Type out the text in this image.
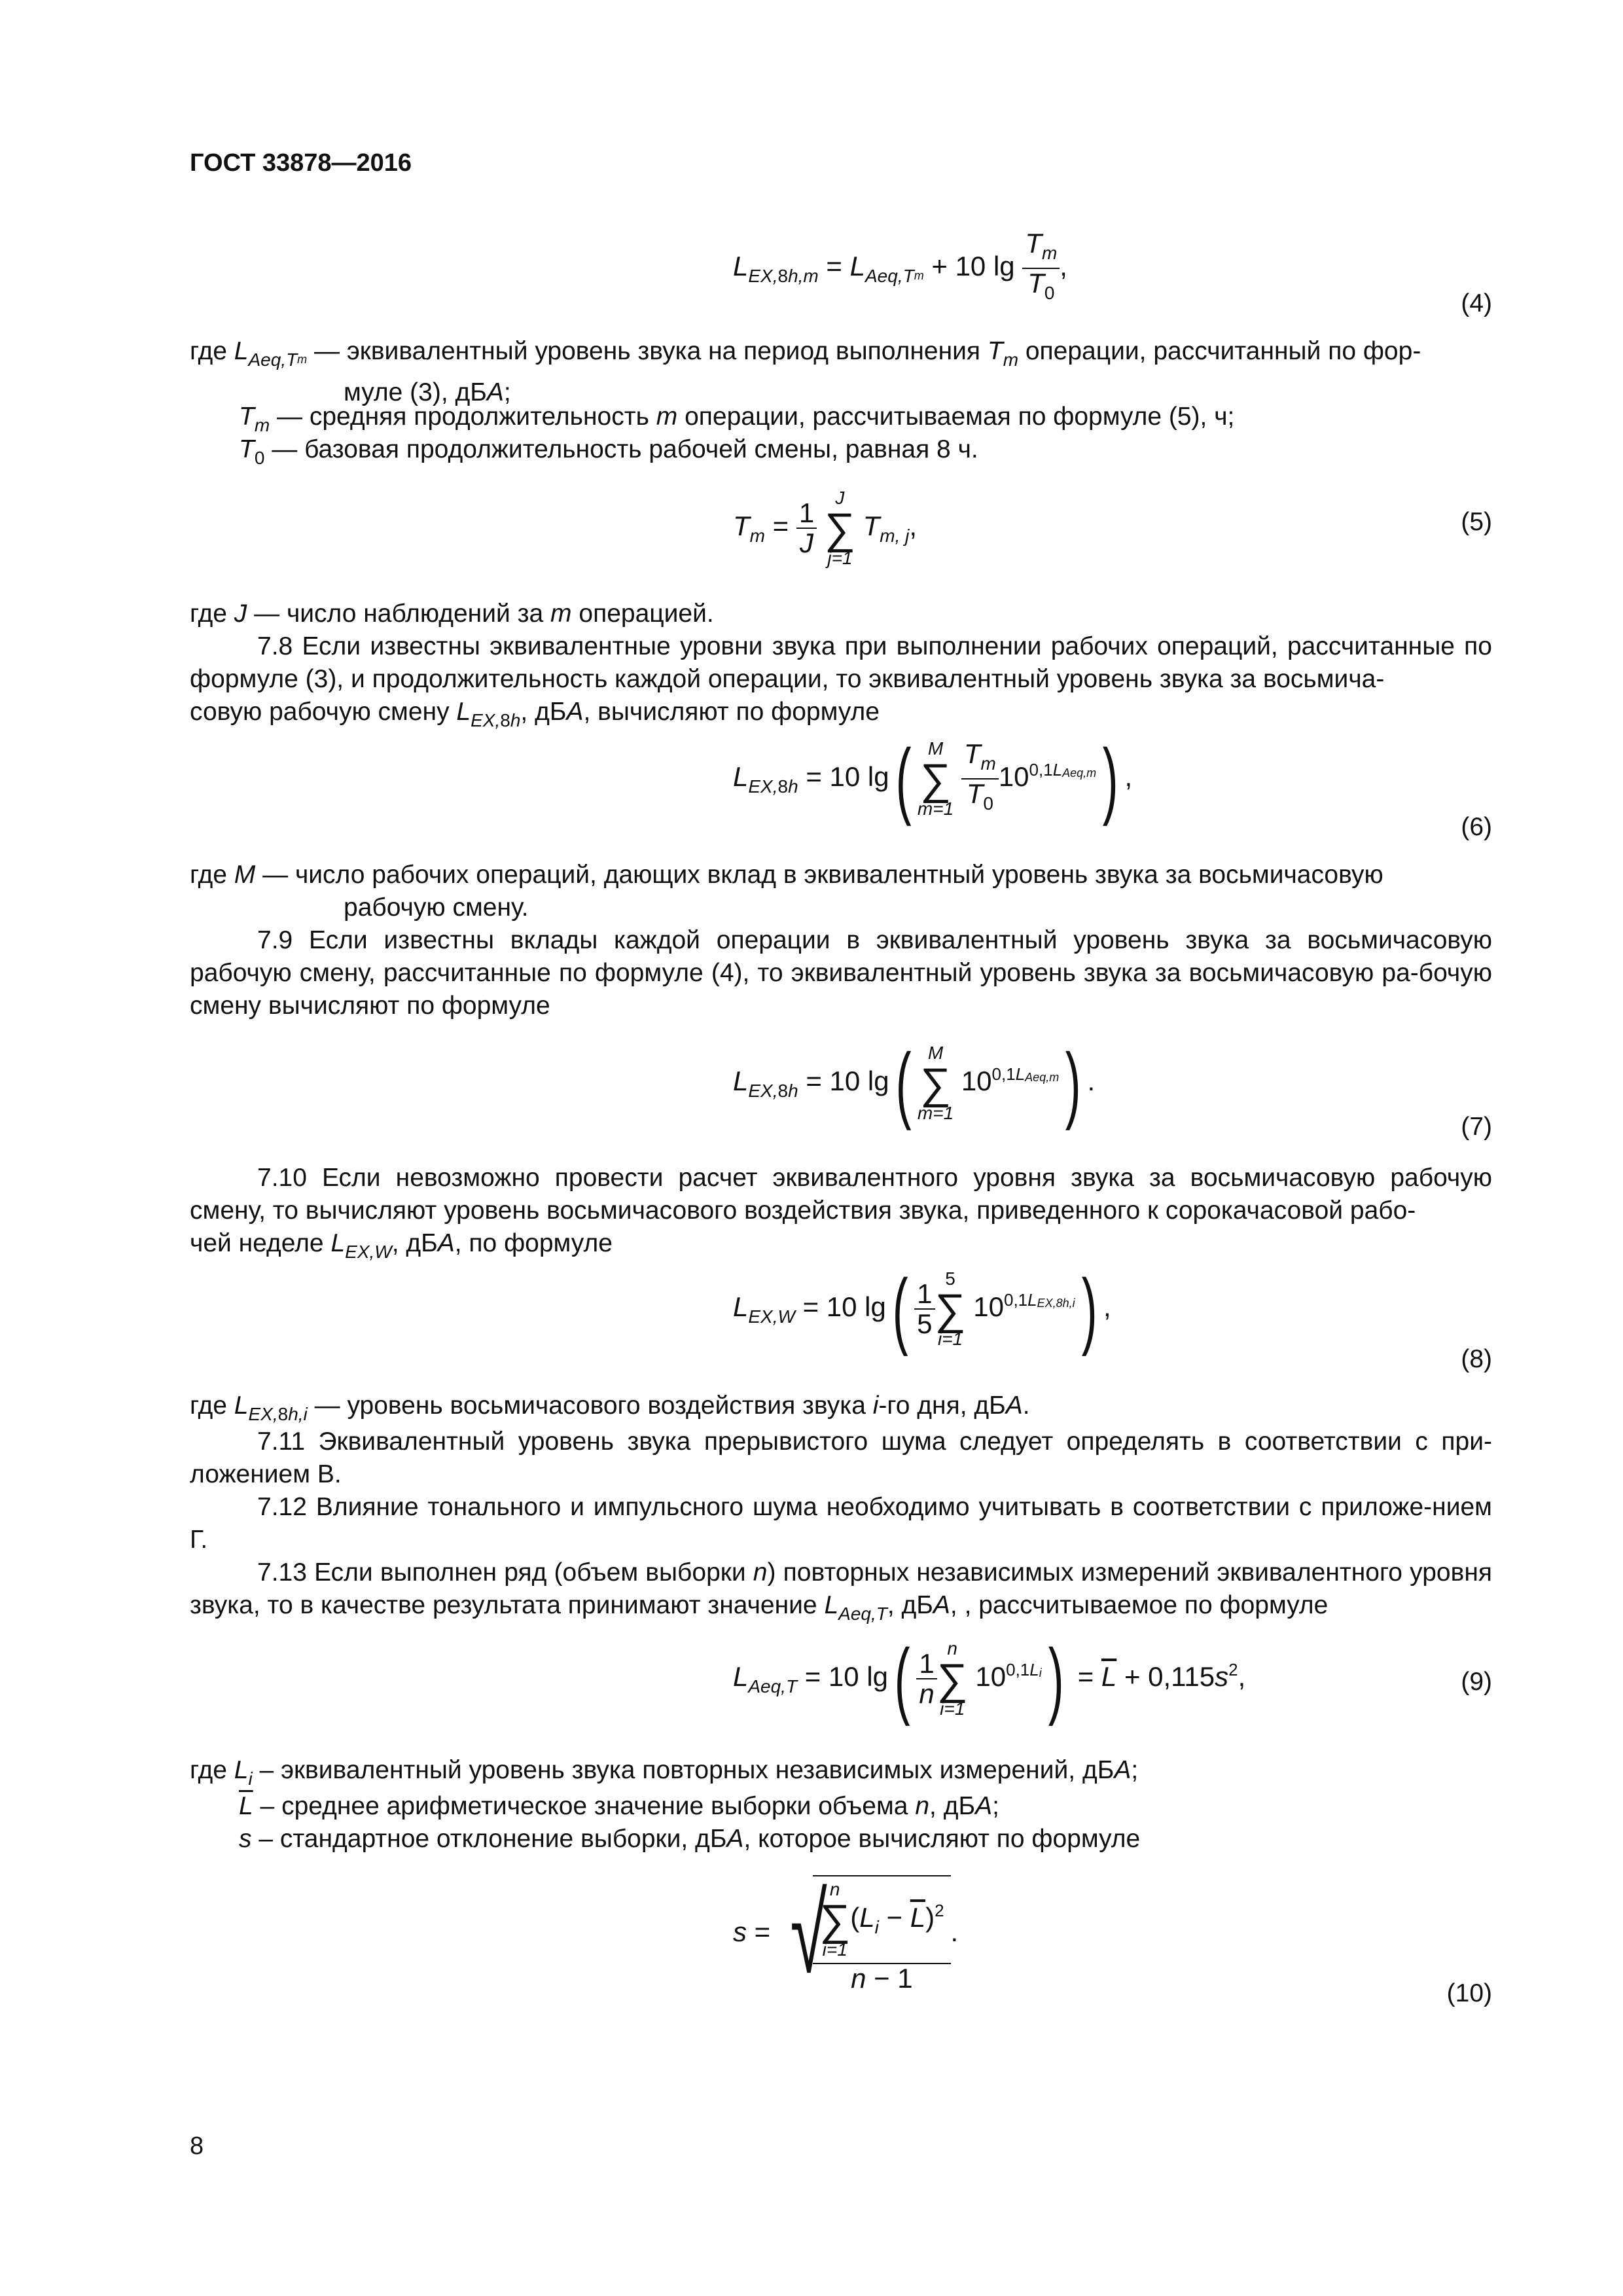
ГОСТ 33878—2016
$L_{EX,8h,m} = L_{Aeq,T}m + 10$ $\lg \frac{T_m}{T_0}$ ,
(4)
где $L_{Aeq,T}m$ — эквивалентный уровень звука на период выполнения $T_m$ операции, рассчитанный по фор-
муле (3), дБА;
$T_m$ — средняя продолжительность m операции, рассчитываемая по формуле (5), ч;
$T_0$ — базовая продолжительность рабочей смены, равная 8 ч.
$T_m = \frac{1}{J}$

J
∑
j=1
$T_{m, j}$,	(5)
где J — число наблюдений за m операцией.
7.8 Если известны эквивалентные уровни звука при выполнении рабочих операций, рассчитанные по формуле (3), и продолжительность каждой операции, то эквивалентный уровень звука за восьмича-
совую рабочую смену $L_{EX,8h}$, дБА, вычисляют по формуле
$L_{EX,8h} = 10$ lg( M
∑
m=1
$\frac{T_m}{T_0} 10^{0,1LAeq,m}$) ,
(6)
где M — число рабочих операций, дающих вклад в эквивалентный уровень звука за восьмичасовую
рабочую смену.
7.9 Если известны вклады каждой операции в эквивалентный уровень звука за восьмичасовую рабочую смену, рассчитанные по формуле (4), то эквивалентный уровень звука за восьмичасовую ра-бочую смену вычисляют по формуле
$L_{EX,8h} = 10$ lg( M
∑
m=1
$10^{0,1LAeq,m}$) .
(7)
7.10 Если невозможно провести расчет эквивалентного уровня звука за восьмичасовую рабочую смену, то вычисляют уровень восьмичасового воздействия звука, приведенного к сорокачасовой рабо-
чей неделе $L_{EX,W}$, дБА, по формуле
$L_{EX,W} = 10$ $\lg( \frac{1}{5}$
5
∑
i=1
$10^{0,1LEX,8h,i}$) ,
(8)
где $L_{EX,8h,i}$ — уровень восьмичасового воздействия звука i-го дня, дБА.
7.11 Эквивалентный уровень звука прерывистого шума следует определять в соответствии с при-ложением В.
7.12 Влияние тонального и импульсного шума необходимо учитывать в соответствии с приложе-нием Г.
7.13 Если выполнен ряд (объем выборки n) повторных независимых измерений эквивалентного уровня звука, то в качестве результата принимают значение $L_{Aeq,T}$, дБА, , рассчитываемое по формуле
$L_{Aeq,T} = 10$ $\lg( \frac{1}{n}$
n
∑
i=1
$10^{0,1Li}) = \overline{L} + 0,115s^2$,	(9)
где $L_i$ – эквивалентный уровень звука повторных независимых измерений, дБА;
$\overline{L}$ – среднее арифметическое значение выборки объема n, дБА;
s – стандартное отклонение выборки, дБА, которое вычисляют по формуле
s = √
n
∑
i=1
$(L_i - \overline{L})^2$
n − 1 .
(10)
8
